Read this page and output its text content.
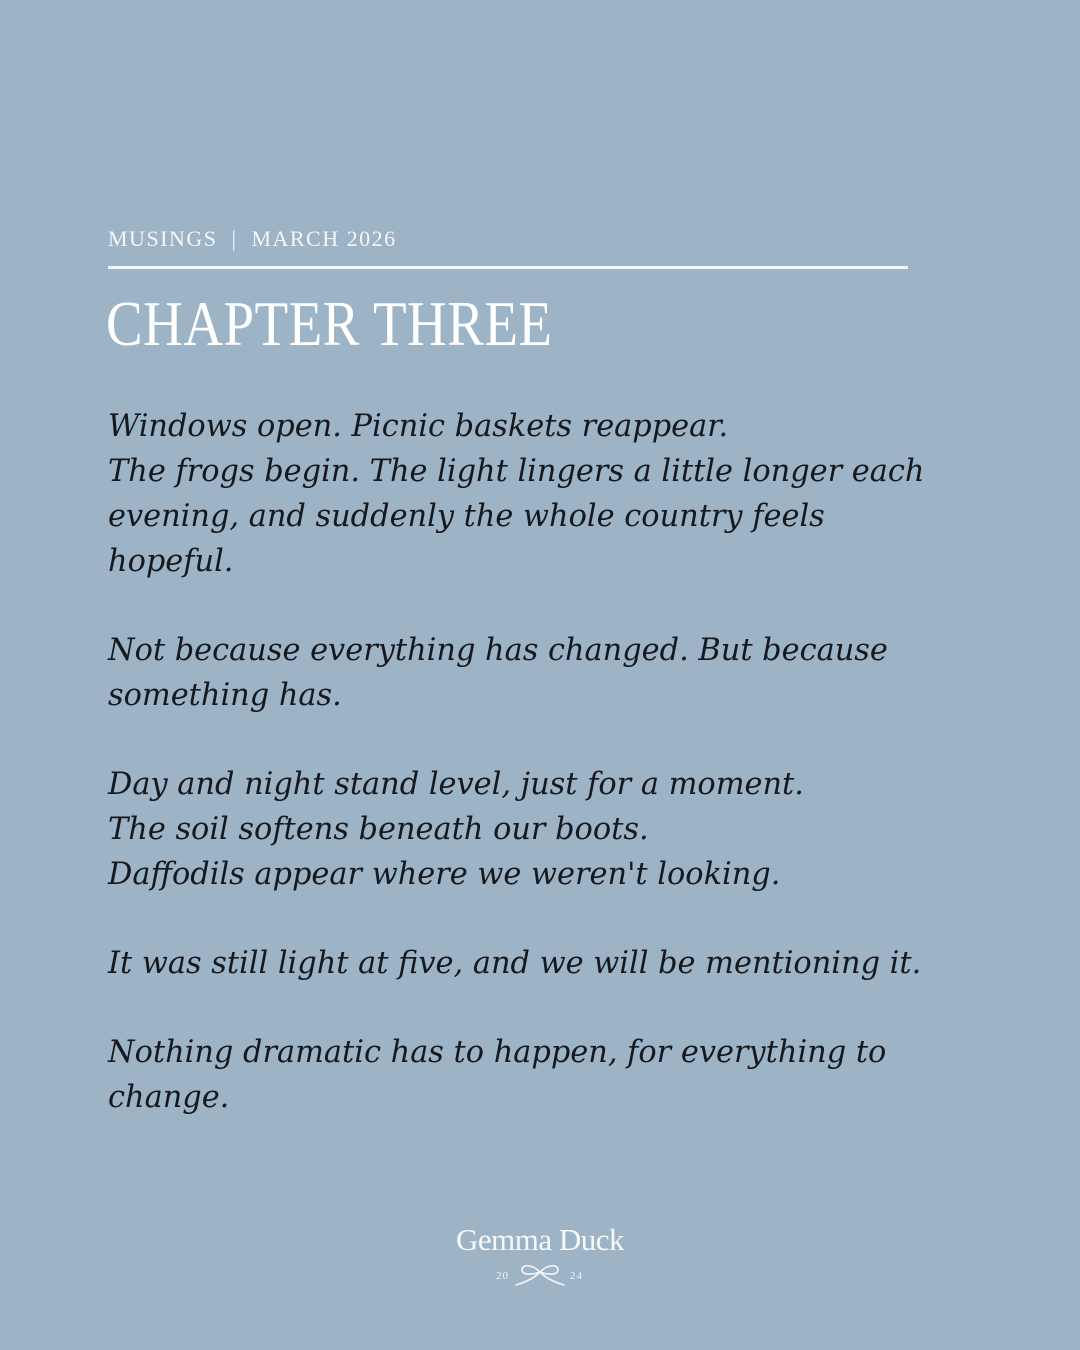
MUSINGS | MARCH 2026
CHAPTER THREE
Windows open. Picnic baskets reappear.
The frogs begin. The light lingers a little longer each
evening, and suddenly the whole country feels
hopeful.
Not because everything has changed. But because
something has.
Day and night stand level, just for a moment.
The soil softens beneath our boots.
Daffodils appear where we weren't looking.
It was still light at five, and we will be mentioning it.
Nothing dramatic has to happen, for everything to
change.
Gemma Duck
20	24
